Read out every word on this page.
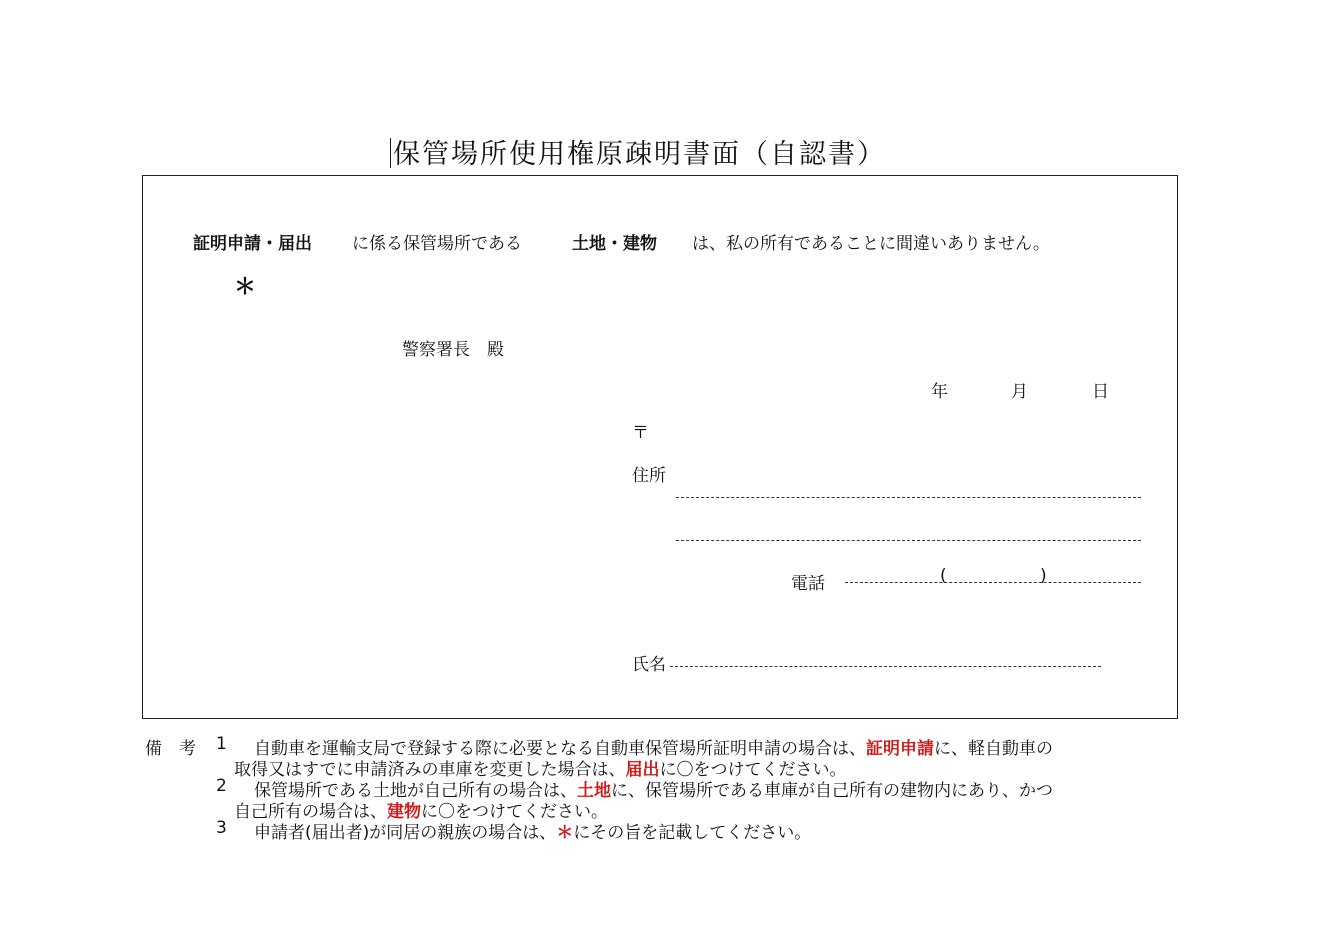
保管場所使用権原疎明書面（自認書）
証明申請・届出 に係る保管場所である	土地・建物 は、私の所有であることに間違いありません。
＊
警察署長　殿
年	月	日
〒
住所
電話	(	)
氏名
備　考 1 自動車を運輸支局で登録する際に必要となる自動車保管場所証明申請の場合は、証明申請に、軽自動車の
取得又はすでに申請済みの車庫を変更した場合は、届出に〇をつけてください。
2 保管場所である土地が自己所有の場合は、土地に、保管場所である車庫が自己所有の建物内にあり、かつ
自己所有の場合は、建物に〇をつけてください。
3 申請者(届出者)が同居の親族の場合は、＊にその旨を記載してください。
